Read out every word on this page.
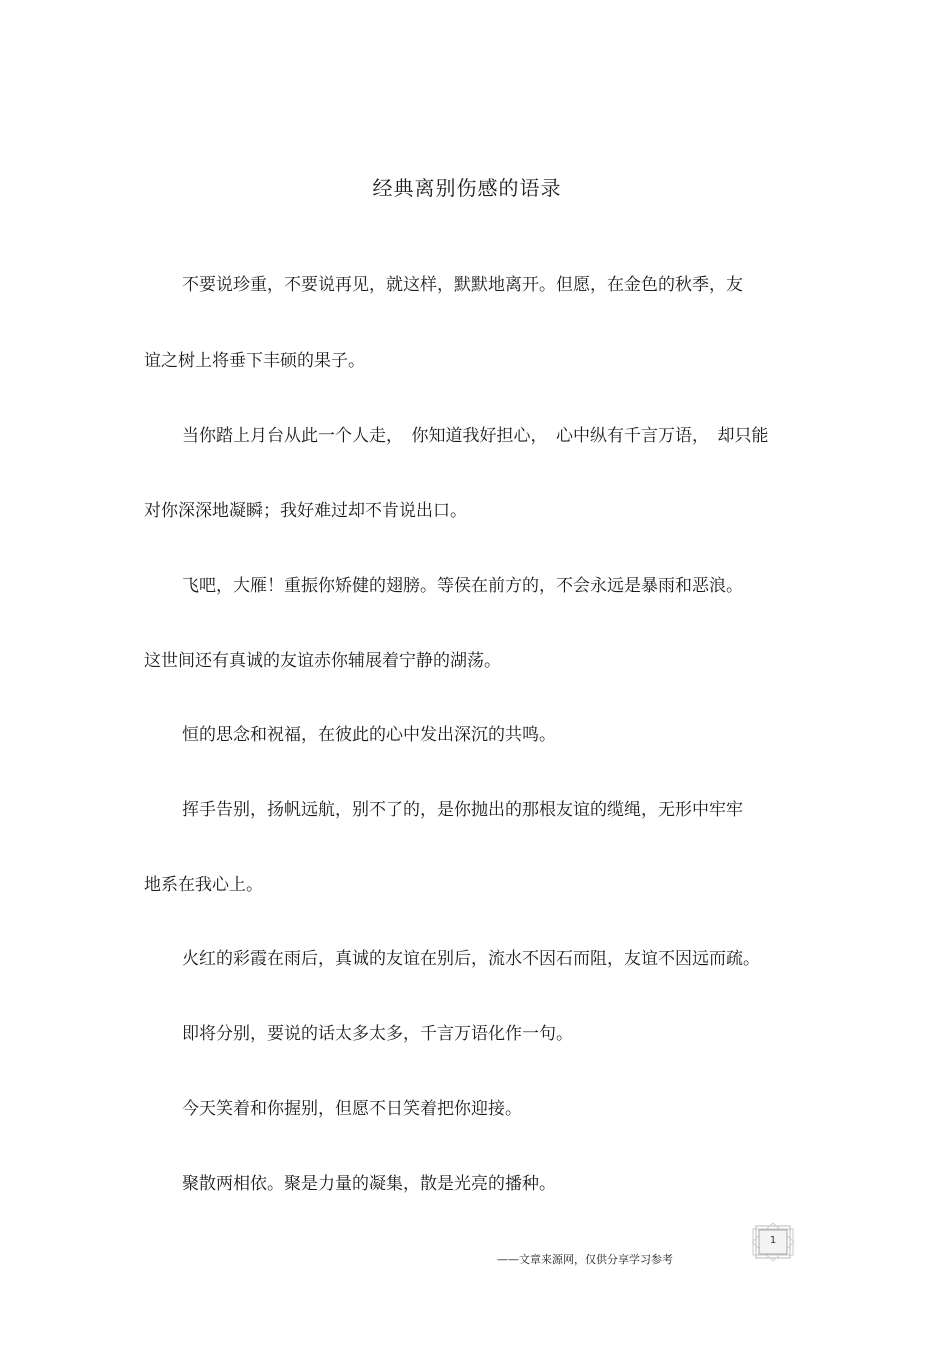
经典离别伤感的语录

不要说珍重，不要说再见，就这样，默默地离开。但愿，在金色的秋季，友

谊之树上将垂下丰硕的果子。

当你踏上月台从此一个人走，　你知道我好担心，　心中纵有千言万语，　却只能

对你深深地凝瞬；我好难过却不肯说出口。

飞吧，大雁！重振你矫健的翅膀。等侯在前方的，不会永远是暴雨和恶浪。

这世间还有真诚的友谊赤你辅展着宁静的湖荡。

恒的思念和祝福，在彼此的心中发出深沉的共鸣。

挥手告别，扬帆远航，别不了的，是你抛出的那根友谊的缆绳，无形中牢牢

地系在我心上。

火红的彩霞在雨后，真诚的友谊在别后，流水不因石而阻，友谊不因远而疏。

即将分别，要说的话太多太多，千言万语化作一句。

今天笑着和你握别，但愿不日笑着把你迎接。

聚散两相依。聚是力量的凝集，散是光亮的播种。

1
——文章来源网，仅供分享学习参考
